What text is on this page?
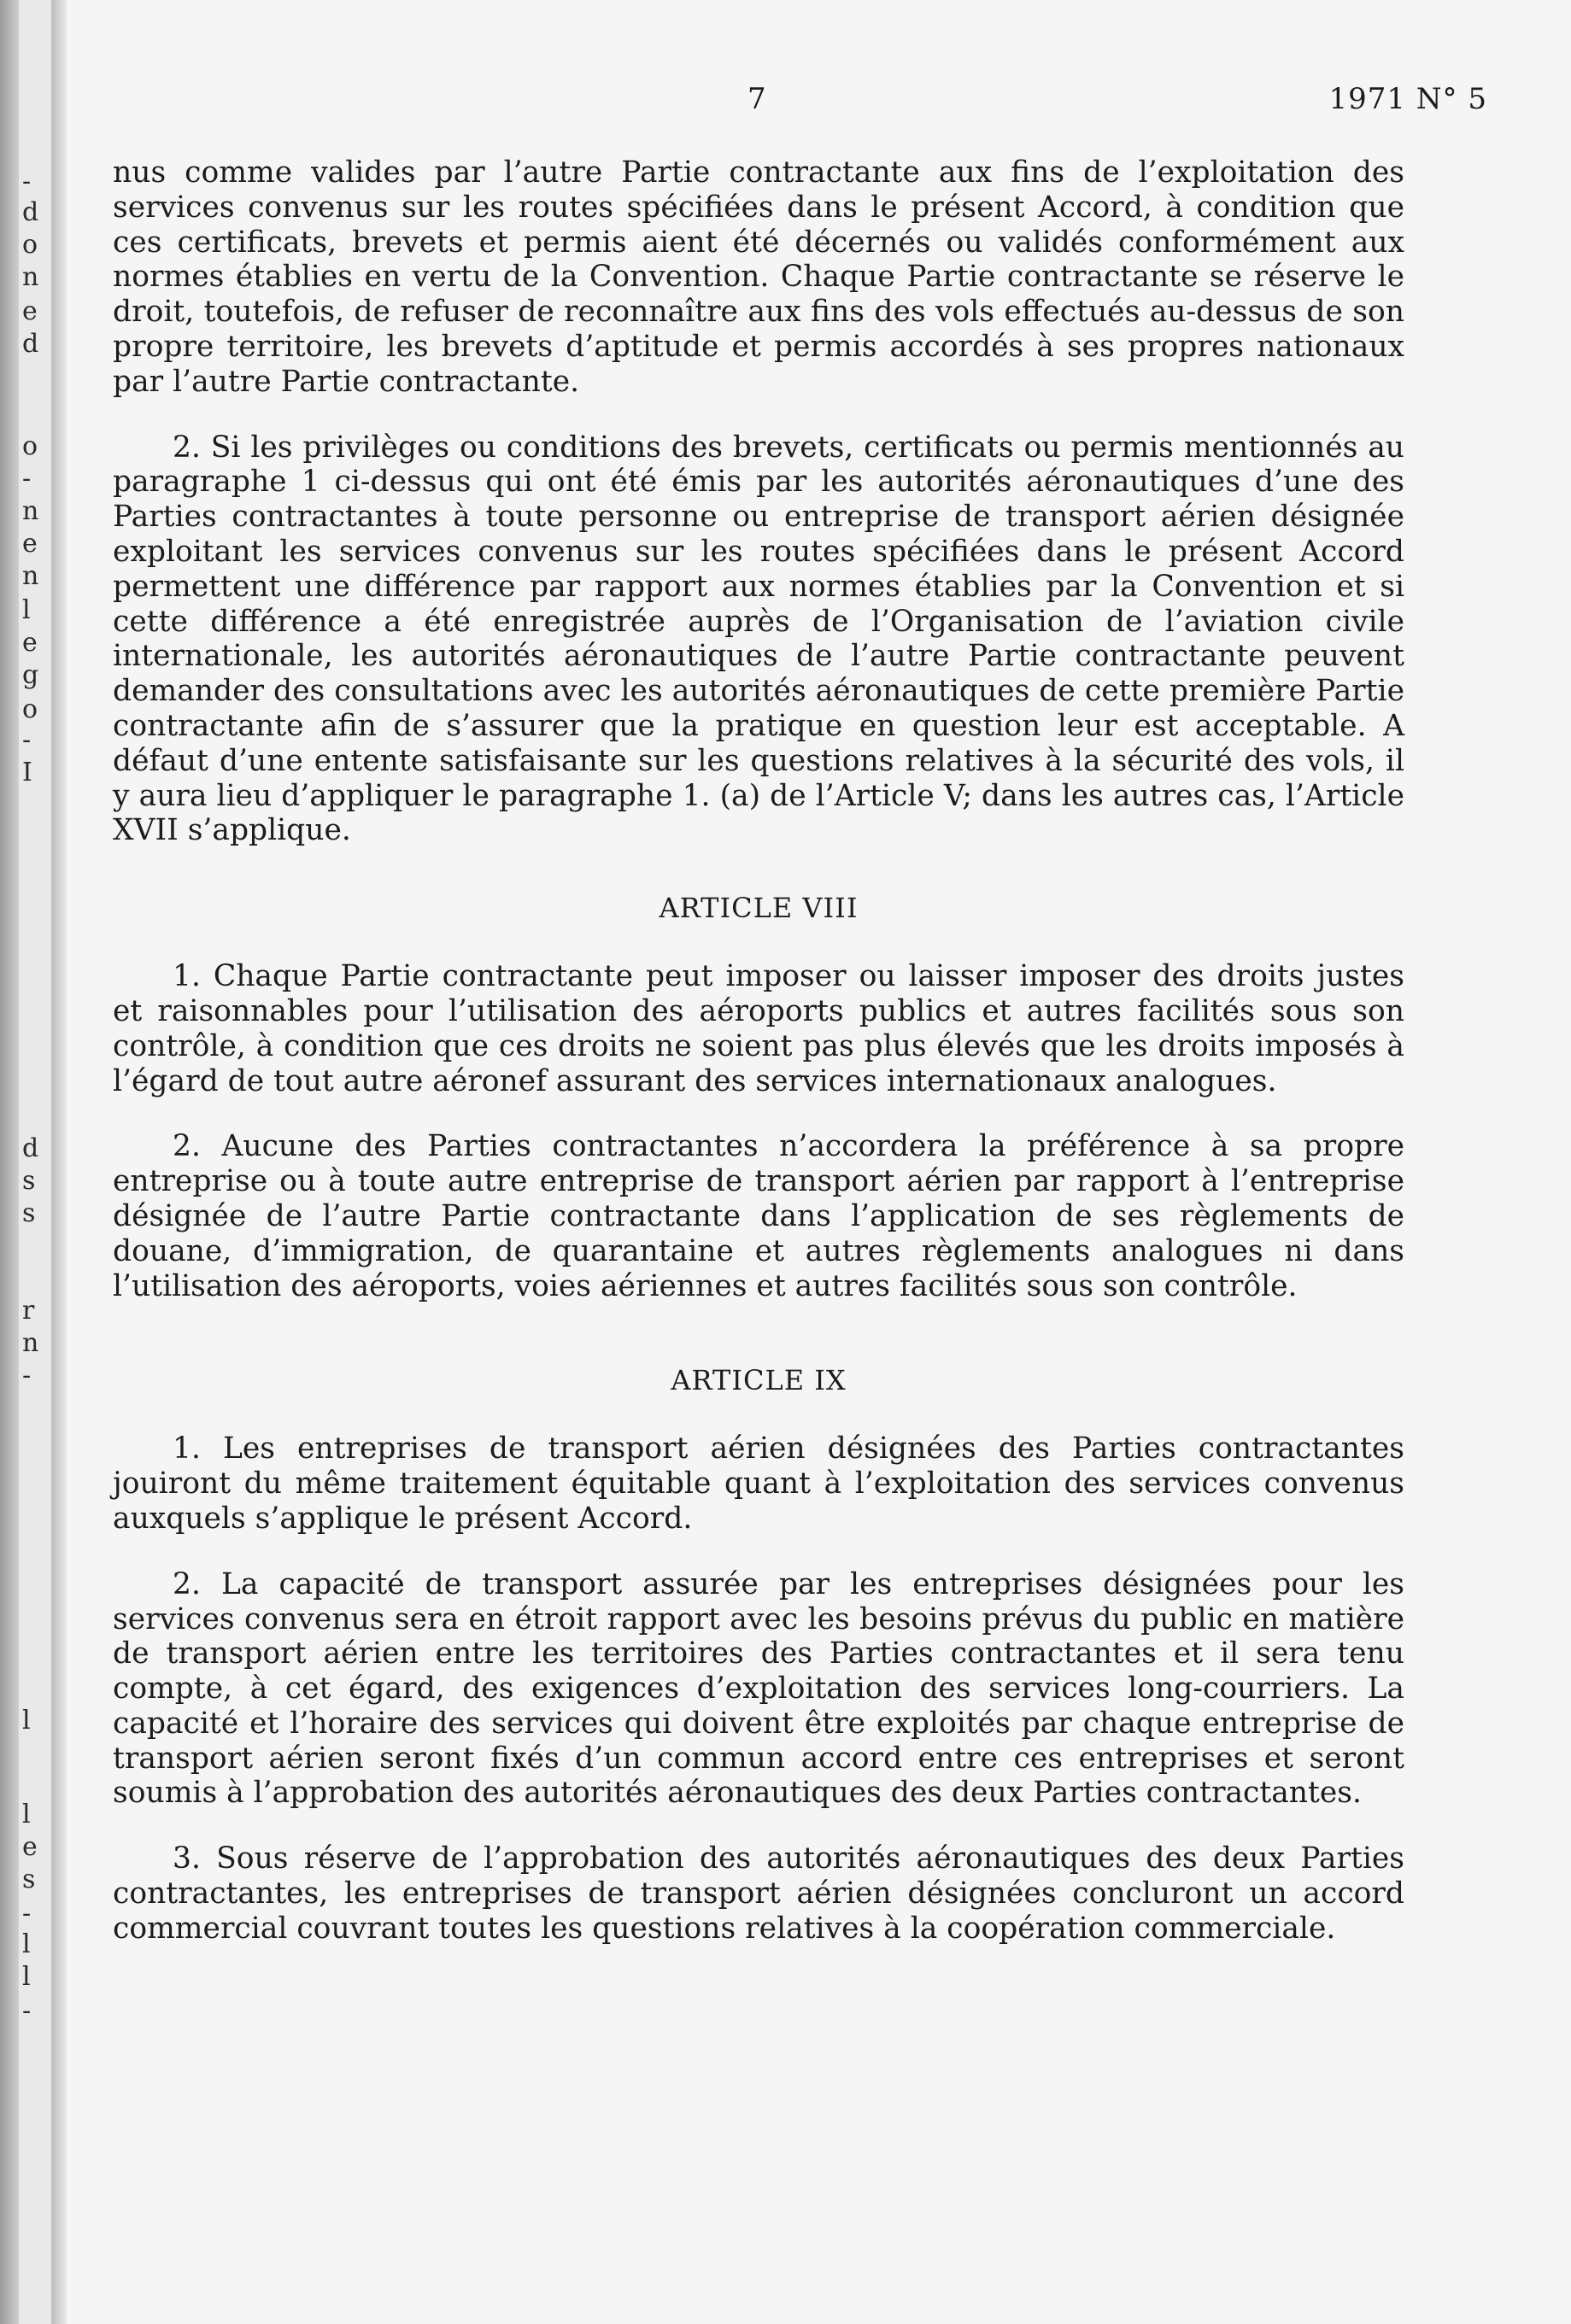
-
d
o
n
e
d
o
-
n
e
n
l
e
g
o
-
I
d
s
s
r
n
-
l
l
e
s
-
l
l
-
7	1971 N° 5

nus comme valides par l’autre Partie contractante aux fins de l’exploitation des services convenus sur les routes spécifiées dans le présent Accord, à condition que ces certificats, brevets et permis aient été décernés ou validés conformément aux normes établies en vertu de la Convention. Chaque Partie contractante se réserve le droit, toutefois, de refuser de reconnaître aux fins des vols effectués au-dessus de son propre territoire, les brevets d’aptitude et permis accordés à ses propres nationaux par l’autre Partie contractante.

2. Si les privilèges ou conditions des brevets, certificats ou permis mentionnés au paragraphe 1 ci-dessus qui ont été émis par les autorités aéronautiques d’une des Parties contractantes à toute personne ou entreprise de transport aérien désignée exploitant les services convenus sur les routes spécifiées dans le présent Accord permettent une différence par rapport aux normes établies par la Convention et si cette différence a été enregistrée auprès de l’Organisation de l’aviation civile internationale, les autorités aéronautiques de l’autre Partie contractante peuvent demander des consultations avec les autorités aéronautiques de cette première Partie contractante afin de s’assurer que la pratique en question leur est acceptable. A défaut d’une entente satisfaisante sur les questions relatives à la sécurité des vols, il y aura lieu d’appliquer le paragraphe 1. (a) de l’Article V; dans les autres cas, l’Article XVII s’applique.

ARTICLE VIII

1. Chaque Partie contractante peut imposer ou laisser imposer des droits justes et raisonnables pour l’utilisation des aéroports publics et autres facilités sous son contrôle, à condition que ces droits ne soient pas plus élevés que les droits imposés à l’égard de tout autre aéronef assurant des services internationaux analogues.

2. Aucune des Parties contractantes n’accordera la préférence à sa propre entreprise ou à toute autre entreprise de transport aérien par rapport à l’entreprise désignée de l’autre Partie contractante dans l’application de ses règlements de douane, d’immigration, de quarantaine et autres règlements analogues ni dans l’utilisation des aéroports, voies aériennes et autres facilités sous son contrôle.

ARTICLE IX

1. Les entreprises de transport aérien désignées des Parties contractantes jouiront du même traitement équitable quant à l’exploitation des services convenus auxquels s’applique le présent Accord.

2. La capacité de transport assurée par les entreprises désignées pour les services convenus sera en étroit rapport avec les besoins prévus du public en matière de transport aérien entre les territoires des Parties contractantes et il sera tenu compte, à cet égard, des exigences d’exploitation des services long-courriers. La capacité et l’horaire des services qui doivent être exploités par chaque entreprise de transport aérien seront fixés d’un commun accord entre ces entreprises et seront soumis à l’approbation des autorités aéronautiques des deux Parties contractantes.

3. Sous réserve de l’approbation des autorités aéronautiques des deux Parties contractantes, les entreprises de transport aérien désignées concluront un accord commercial couvrant toutes les questions relatives à la coopération commerciale.
